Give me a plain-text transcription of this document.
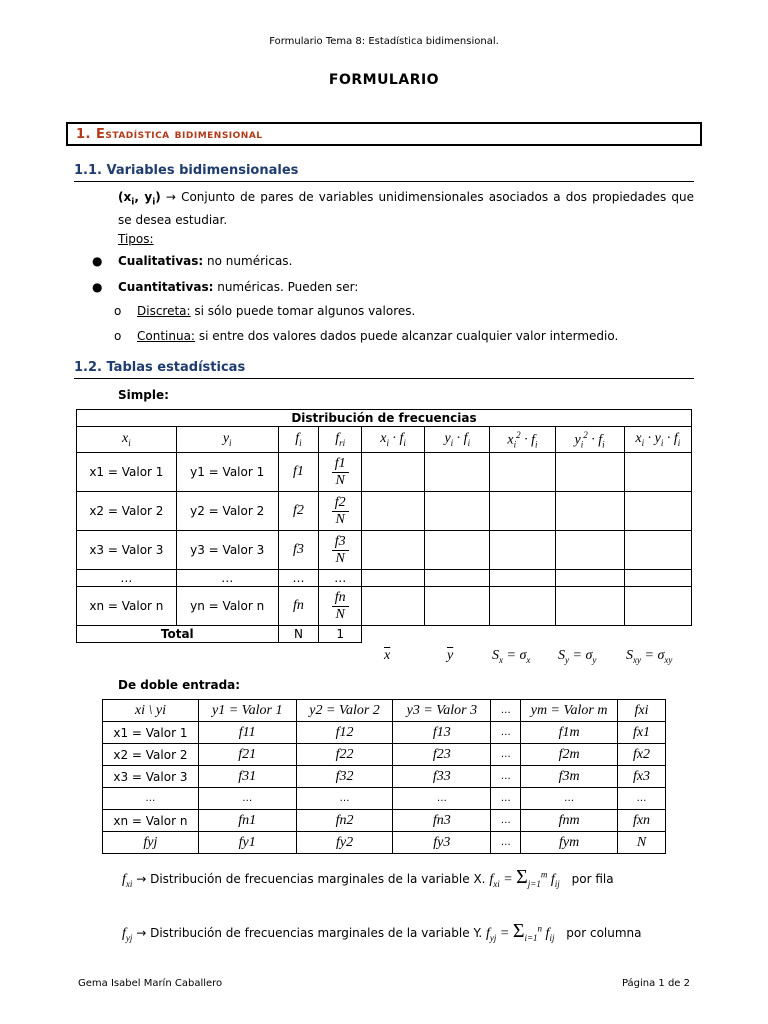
Formulario Tema 8: Estadística bidimensional.
FORMULARIO
1. Estadística bidimensional
1.1. Variables bidimensionales
($x_i$, $y_i$) → Conjunto de pares de variables unidimensionales asociados a dos propiedades que se desea estudiar.
Tipos:
● Cualitativas: no numéricas.
● Cuantitativas: numéricas. Pueden ser:
o Discreta: si sólo puede tomar algunos valores.
o Continua: si entre dos valores dados puede alcanzar cualquier valor intermedio.
1.2. Tablas estadísticas
Simple:
Distribución de frecuencias								
$x_i$	$y_i$	$f_i$	$f_{ri}$	$x_i \cdot f_i$	$y_i \cdot f_i$	$x_i^2 \cdot f_i$	$y_i^2 \cdot f_i$	$x_i \cdot y_i \cdot f_i$
x1 = Valor 1	y1 = Valor 1	f1	$\frac{f1}{N}$

x2 = Valor 2	y2 = Valor 2	f2	$\frac{f2}{N}$

x3 = Valor 3	y3 = Valor 3	f3	$\frac{f3}{N}$

…	…	…	…					
xn = Valor n	yn = Valor n	fn	$\frac{fn}{N}$

Total		N	1					
$\overline{x}$	$\overline{y}$	$S_x = \sigma_x$ $S_y = \sigma_y$ $S_{xy} = \sigma_{xy}$
De doble entrada:
xi \ yi	y1 = Valor 1	y2 = Valor 2	y3 = Valor 3	…	ym = Valor m	fxi
x1 = Valor 1	f11	f12	f13	…	f1m	fx1
x2 = Valor 2	f21	f22	f23	…	f2m	fx2
x3 = Valor 3	f31	f32	f33	…	f3m	fx3
…	…	…	…	…	…	…
xn = Valor n	fn1	fn2	fn3	…	fnm	fxn
fyj	fy1	fy2	fy3	…	fym	N
$f_{xi}$ → Distribución de frecuencias marginales de la variable X. $f_{xi} = \Sigma_{j=1}^m$ $f_{ij}$ por fila
$f_{yj}$ → Distribución de frecuencias marginales de la variable Y. $f_{yj} = \Sigma_{i=1}^n$ $f_{ij}$ por columna
Gema Isabel Marín Caballero	Página 1 de 2
